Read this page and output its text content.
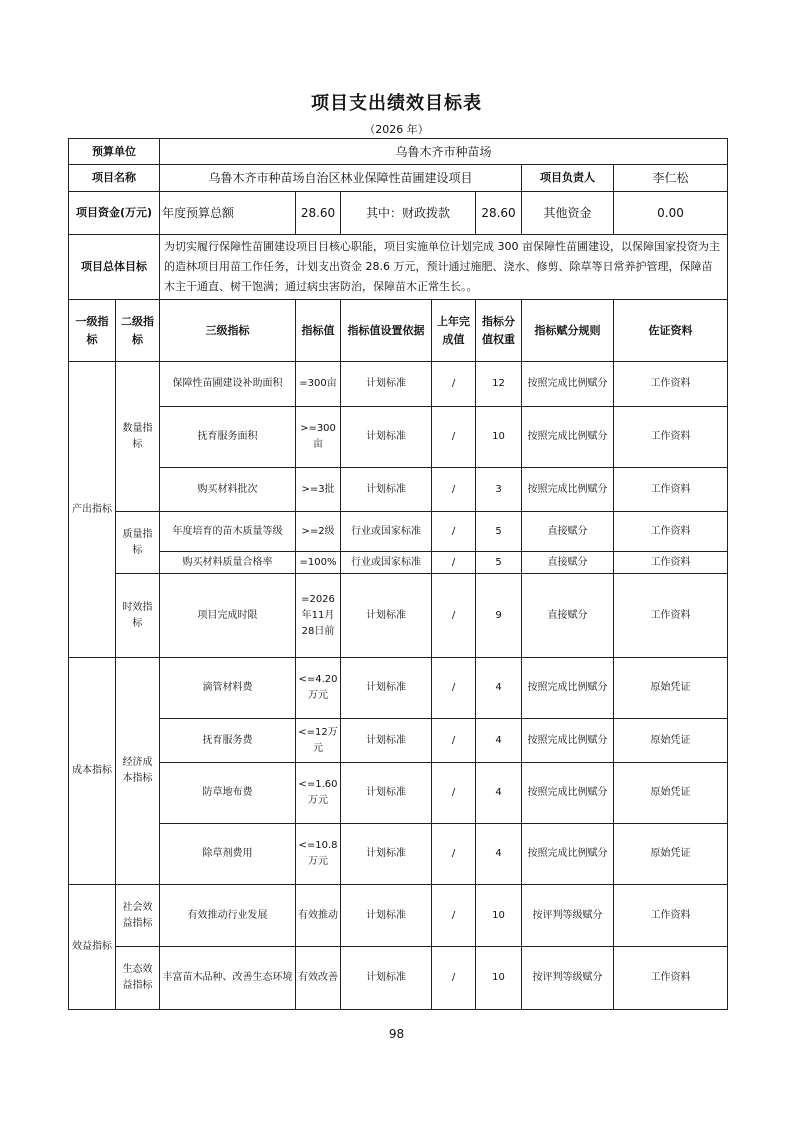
项目支出绩效目标表
（2026 年）
预算单位		乌鲁木齐市种苗场						
项目名称		乌鲁木齐市种苗场自治区林业保障性苗圃建设项目					项目负责人	李仁松
项目资金(万元)		年度预算总额	28.60	其中：财政拨款		28.60	其他资金	0.00
项目总体目标		为切实履行保障性苗圃建设项目目核心职能，项目实施单位计划完成 300 亩保障性苗圃建设，以保障国家投资为主的造林项目用苗工作任务，计划支出资金 28.6 万元，预计通过施肥、浇水、修剪、除草等日常养护管理，保障苗木主干通直、树干饱满；通过病虫害防治，保障苗木正常生长。。						
一级指标	二级指标	三级指标	指标值	指标值设置依据	上年完成值	指标分值权重	指标赋分规则	佐证资料
产出指标	数量指标	保障性苗圃建设补助面积	=300亩	计划标准	/	12	按照完成比例赋分	工作资料
		抚育服务面积	>=300亩	计划标准	/	10	按照完成比例赋分	工作资料
		购买材料批次	>=3批	计划标准	/	3	按照完成比例赋分	工作资料
	质量指标	年度培育的苗木质量等级	>=2级	行业或国家标准	/	5	直接赋分	工作资料
		购买材料质量合格率	=100%	行业或国家标准	/	5	直接赋分	工作资料
	时效指标	项目完成时限	=2026年11月28日前	计划标准	/	9	直接赋分	工作资料
成本指标	经济成本指标	滴管材料费	<=4.20万元	计划标准	/	4	按照完成比例赋分	原始凭证
		抚育服务费	<=12万元	计划标准	/	4	按照完成比例赋分	原始凭证
		防草地布费	<=1.60万元	计划标准	/	4	按照完成比例赋分	原始凭证
		除草剂费用	<=10.8万元	计划标准	/	4	按照完成比例赋分	原始凭证
效益指标	社会效益指标	有效推动行业发展	有效推动	计划标准	/	10	按评判等级赋分	工作资料
	生态效益指标	丰富苗木品种、改善生态环境	有效改善	计划标准	/	10	按评判等级赋分	工作资料
98
